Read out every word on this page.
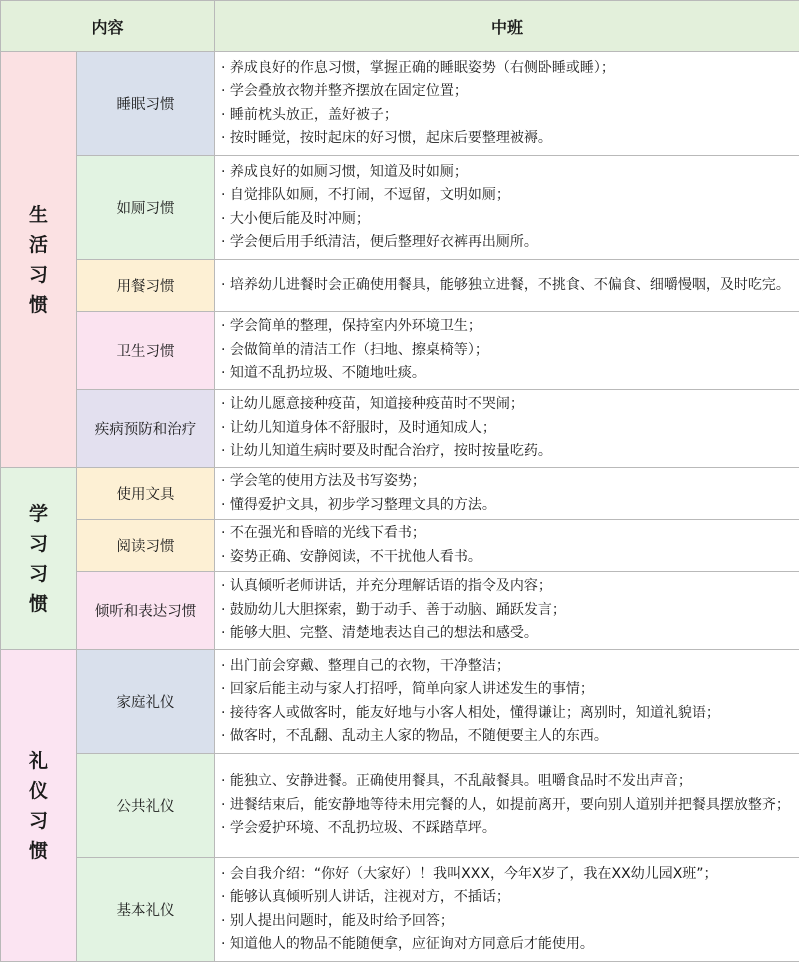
内容		中班
生活习惯	睡眠习惯	· 养成良好的作息习惯，掌握正确的睡眠姿势（右侧卧睡或睡）；
· 学会叠放衣物并整齐摆放在固定位置；
· 睡前枕头放正，盖好被子；
· 按时睡觉，按时起床的好习惯，起床后要整理被褥。

	如厕习惯	· 养成良好的如厕习惯，知道及时如厕；
· 自觉排队如厕，不打闹，不逗留，文明如厕；
· 大小便后能及时冲厕；
· 学会便后用手纸清洁，便后整理好衣裤再出厕所。

	用餐习惯	· 培养幼儿进餐时会正确使用餐具，能够独立进餐，不挑食、不偏食、细嚼慢咽，及时吃完。

	卫生习惯	· 学会简单的整理，保持室内外环境卫生；
· 会做简单的清洁工作（扫地、擦桌椅等）；
· 知道不乱扔垃圾、不随地吐痰。

	疾病预防和治疗	· 让幼儿愿意接种疫苗，知道接种疫苗时不哭闹；
· 让幼儿知道身体不舒服时，及时通知成人；
· 让幼儿知道生病时要及时配合治疗，按时按量吃药。

学习习惯	使用文具	· 学会笔的使用方法及书写姿势；
· 懂得爱护文具，初步学习整理文具的方法。

	阅读习惯	· 不在强光和昏暗的光线下看书；
· 姿势正确、安静阅读，不干扰他人看书。

	倾听和表达习惯	· 认真倾听老师讲话，并充分理解话语的指令及内容；
· 鼓励幼儿大胆探索，勤于动手、善于动脑、踊跃发言；
· 能够大胆、完整、清楚地表达自己的想法和感受。

礼仪习惯	家庭礼仪	· 出门前会穿戴、整理自己的衣物，干净整洁；
· 回家后能主动与家人打招呼，简单向家人讲述发生的事情；
· 接待客人或做客时，能友好地与小客人相处，懂得谦让；离别时，知道礼貌语；
· 做客时，不乱翻、乱动主人家的物品，不随便要主人的东西。

	公共礼仪	· 能独立、安静进餐。正确使用餐具，不乱敲餐具。咀嚼食品时不发出声音；
· 进餐结束后，能安静地等待未用完餐的人，如提前离开，要向别人道别并把餐具摆放整齐；
· 学会爱护环境、不乱扔垃圾、不踩踏草坪。

	基本礼仪	· 会自我介绍：“你好（大家好）！我叫XXX，今年X岁了，我在XX幼儿园X班”；
· 能够认真倾听别人讲话，注视对方，不插话；
· 别人提出问题时，能及时给予回答；
· 知道他人的物品不能随便拿，应征询对方同意后才能使用。
